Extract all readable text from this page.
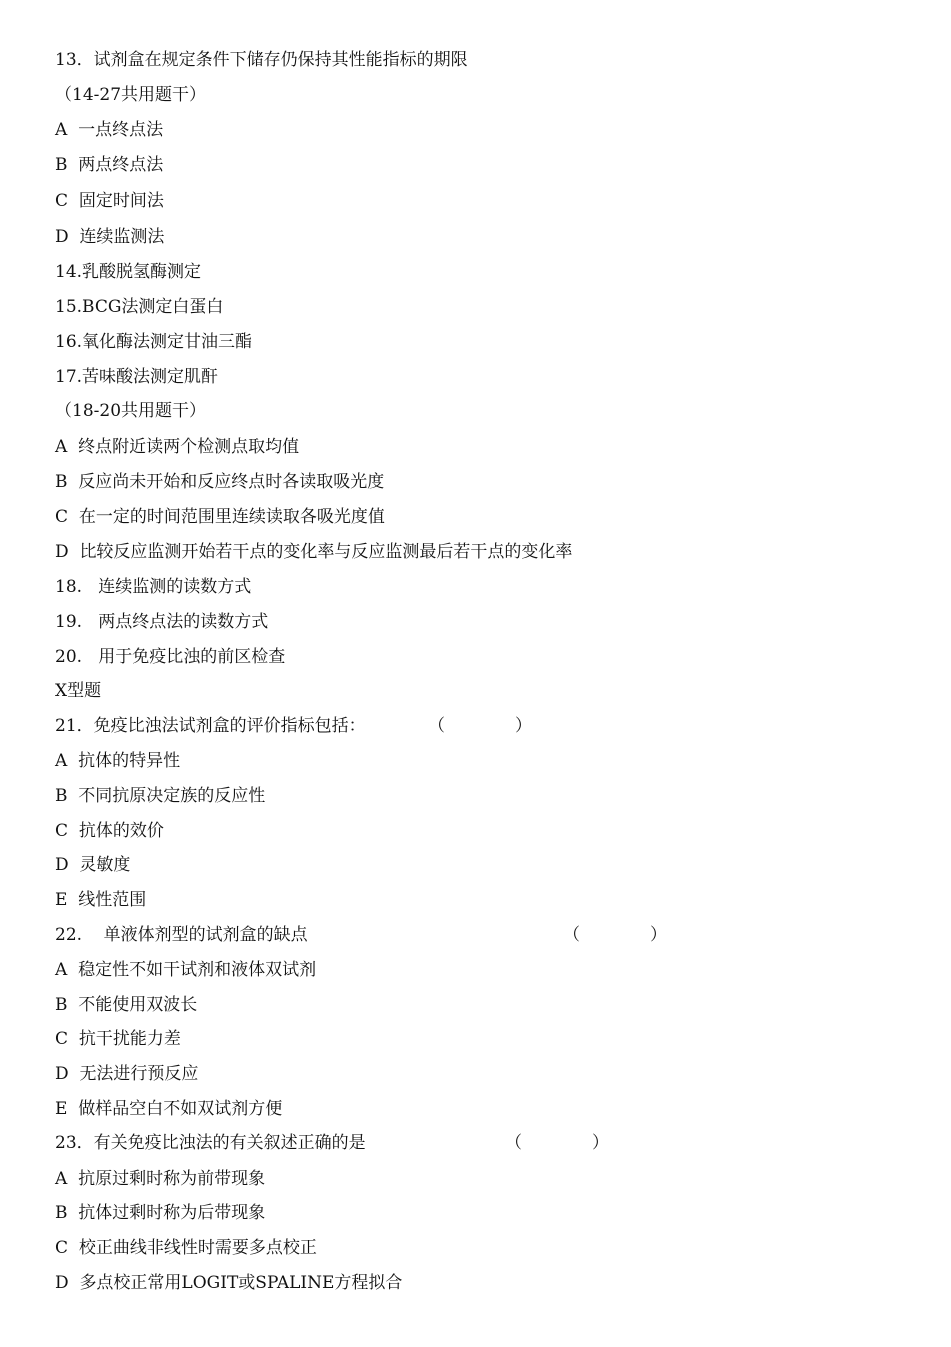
13．试剂盒在规定条件下储存仍保持其性能指标的期限
（14-27共用题干）
A  一点终点法
B  两点终点法
C  固定时间法
D  连续监测法
14.乳酸脱氢酶测定
15.BCG法测定白蛋白
16.氧化酶法测定甘油三酯
17.苦味酸法测定肌酐
（18-20共用题干）
A  终点附近读两个检测点取均值
B  反应尚未开始和反应终点时各读取吸光度
C  在一定的时间范围里连续读取各吸光度值
D  比较反应监测开始若干点的变化率与反应监测最后若干点的变化率
18.   连续监测的读数方式
19.   两点终点法的读数方式
20.   用于免疫比浊的前区检查
X型题
21．免疫比浊法试剂盒的评价指标包括：	（	）
A  抗体的特异性
B  不同抗原决定族的反应性
C  抗体的效价
D  灵敏度
E  线性范围
22.    单液体剂型的试剂盒的缺点	（	）
A  稳定性不如干试剂和液体双试剂
B  不能使用双波长
C  抗干扰能力差
D  无法进行预反应
E  做样品空白不如双试剂方便
23．有关免疫比浊法的有关叙述正确的是	（	）
A  抗原过剩时称为前带现象
B  抗体过剩时称为后带现象
C  校正曲线非线性时需要多点校正
D  多点校正常用LOGIT或SPALINE方程拟合
